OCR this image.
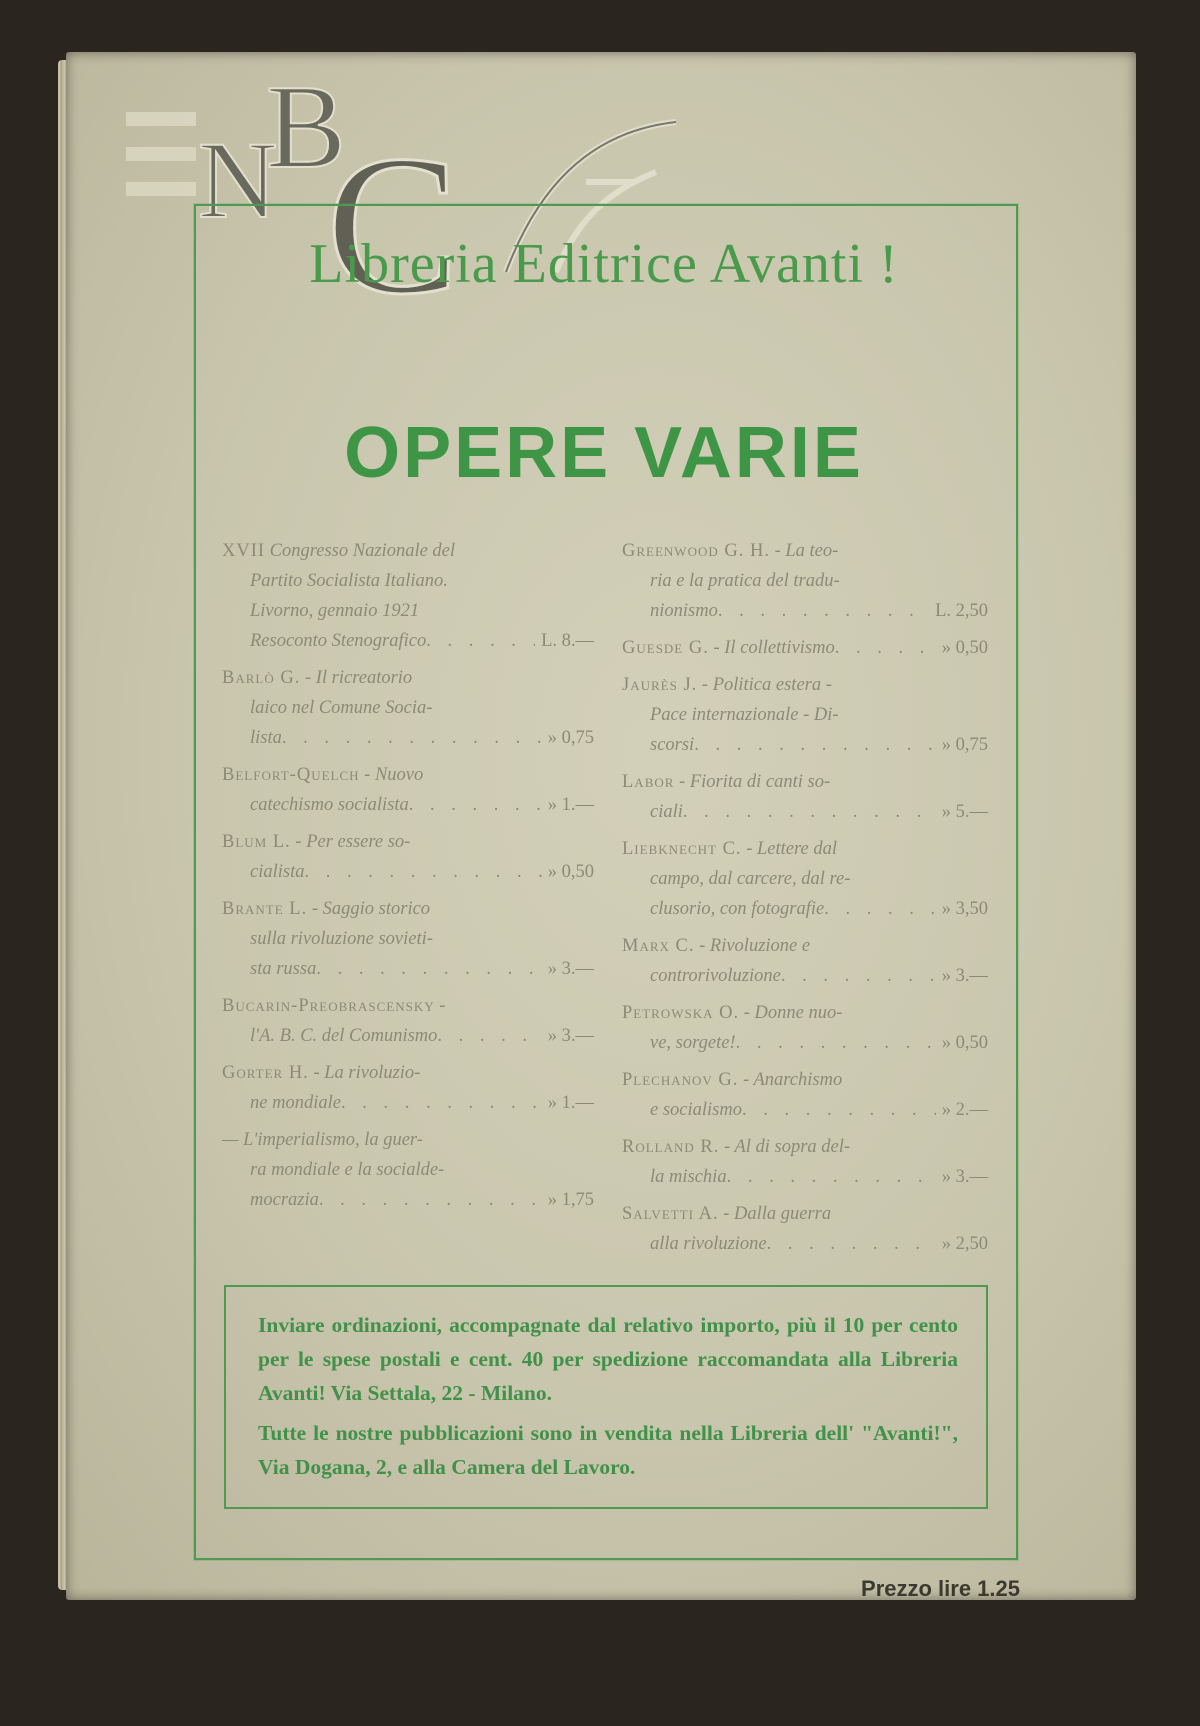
N
B
C
Libreria Editrice Avanti !
OPERE VARIE
XVII
Congresso Nazionale del
Partito Socialista Italiano.
Livorno, gennaio 1921
Resoconto Stenografico . . .	L. 8.—
Barlò G.
- Il ricreatorio
laico nel Comune Socia-
lista . . .	» 0,75
Belfort-Quelch
- Nuovo
catechismo socialista . . .	» 1.—
Blum L.
- Per essere so-
cialista . . .	» 0,50
Brante L.
- Saggio storico
sulla rivoluzione sovieti-
sta russa . . .	» 3.—
Bucarin-Preobrascensky
-
l'A. B. C. del Comunismo . . .	» 3.—
Gorter H.
- La rivoluzio-
ne mondiale . . .	» 1.—
— L'imperialismo, la guer-
ra mondiale e la socialde-
mocrazia . . .	» 1,75
Greenwood G. H.
- La teo-
ria e la pratica del tradu-
nionismo . . .	L. 2,50
Guesde G.
- Il collettivismo . . .	» 0,50
Jaurès J.
- Politica estera -
Pace internazionale - Di-
scorsi . . .	» 0,75
Labor
- Fiorita di canti so-
ciali . . .	» 5.—
Liebknecht C.
- Lettere dal
campo, dal carcere, dal re-
clusorio, con fotografie . . .	» 3,50
Marx C.
- Rivoluzione e
controrivoluzione . . .	» 3.—
Petrowska O.
- Donne nuo-
ve, sorgete! . . .	» 0,50
Plechanov G.
- Anarchismo
e socialismo . . .	» 2.—
Rolland R.
- Al di sopra del-
la mischia . . .	» 3.—
Salvetti A.
- Dalla guerra
alla rivoluzione . . .	» 2,50

Inviare ordinazioni, accompagnate dal relativo importo, più il 10 per cento per le spese postali e cent. 40 per spedizione raccomandata alla Libreria Avanti! Via Settala, 22 - Milano.

Tutte le nostre pubblicazioni sono in vendita nella Libreria dell' "Avanti!", Via Dogana, 2, e alla Camera del Lavoro.

Prezzo lire 1.25
